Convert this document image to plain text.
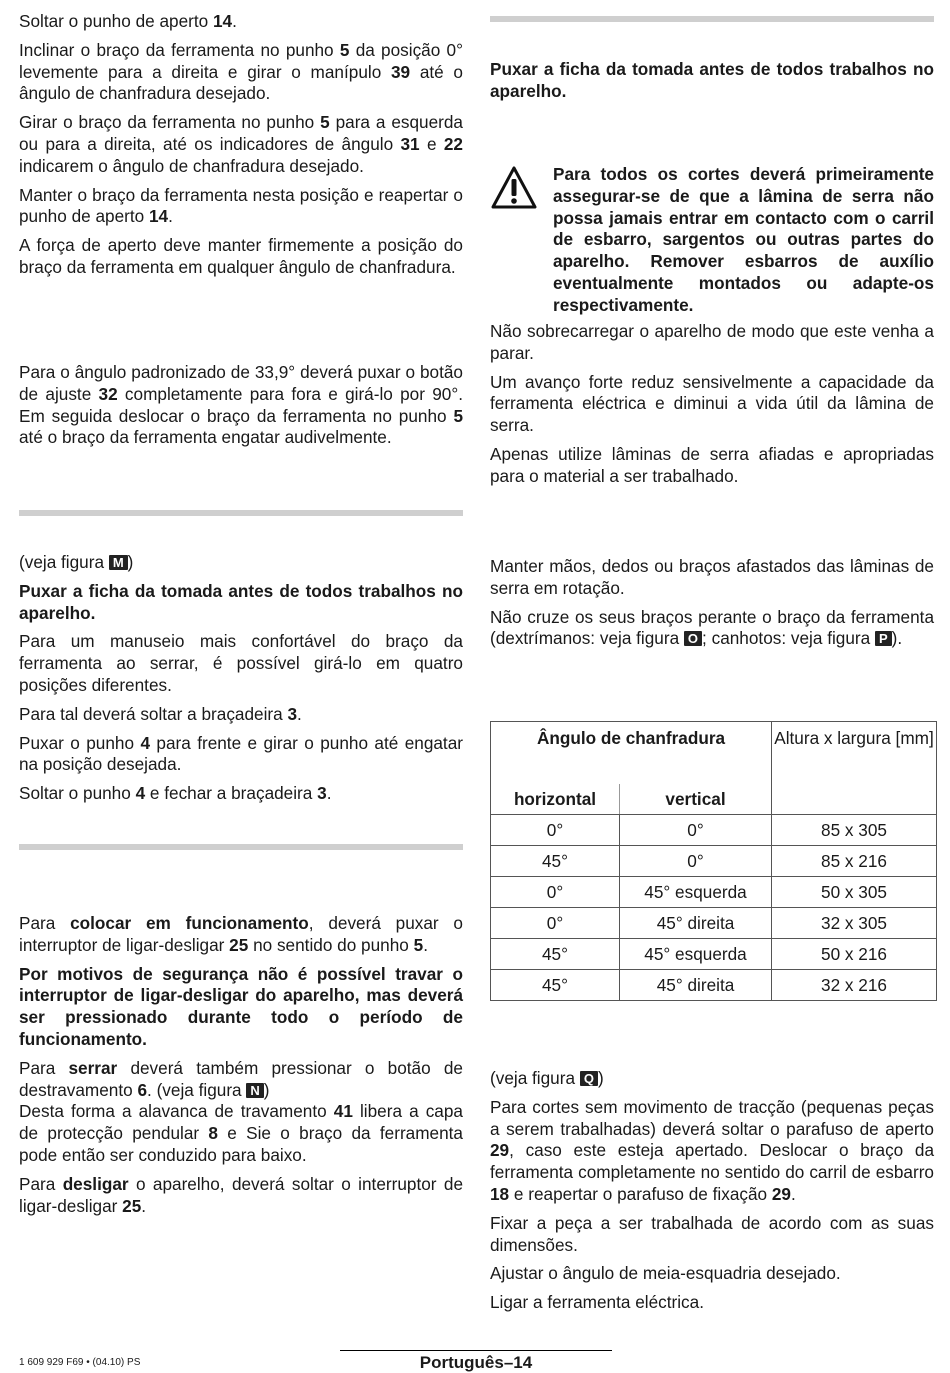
Soltar o punho de aperto 14.

Inclinar o braço da ferramenta no punho 5 da posição 0° levemente para a direita e girar o manípulo 39 até o ângulo de chanfradura desejado.

Girar o braço da ferramenta no punho 5 para a esquerda ou para a direita, até os indicadores de ângulo 31 e 22 indicarem o ângulo de chanfradura desejado.

Manter o braço da ferramenta nesta posição e reapertar o punho de aperto 14.

A força de aperto deve manter firmemente a posição do braço da ferramenta em qualquer ângulo de chanfradura.

Para o ângulo padronizado de 33,9° deverá puxar o botão de ajuste 32 completamente para fora e girá-lo por 90°. Em seguida deslocar o braço da ferramenta no punho 5 até o braço da ferramenta engatar audivelmente.

(veja figura M )

Puxar a ficha da tomada antes de todos trabalhos no aparelho.

Para um manuseio mais confortável do braço da ferramenta ao serrar, é possível girá-lo em quatro posições diferentes.

Para tal deverá soltar a braçadeira 3.

Puxar o punho 4 para frente e girar o punho até engatar na posição desejada.

Soltar o punho 4 e fechar a braçadeira 3.

Para colocar em funcionamento, deverá puxar o interruptor de ligar-desligar 25 no sentido do punho 5.

Por motivos de segurança não é possível travar o interruptor de ligar-desligar do aparelho, mas deverá ser pressionado durante todo o período de funcionamento.

Para serrar deverá também pressionar o botão de destravamento 6. (veja figura N )

Desta forma a alavanca de travamento 41 libera a capa de protecção pendular 8 e Sie o braço da ferramenta pode então ser conduzido para baixo.

Para desligar o aparelho, deverá soltar o interruptor de ligar-desligar 25.

Puxar a ficha da tomada antes de todos trabalhos no aparelho.

Para todos os cortes deverá primeiramente assegurar-se de que a lâmina de serra não possa jamais entrar em contacto com o carril de esbarro, sargentos ou outras partes do aparelho. Remover esbarros de auxílio eventualmente montados ou adapte-os respectivamente.

Não sobrecarregar o aparelho de modo que este venha a parar.

Um avanço forte reduz sensivelmente a capacidade da ferramenta eléctrica e diminui a vida útil da lâmina de serra.

Apenas utilize lâminas de serra afiadas e apropriadas para o material a ser trabalhado.

Manter mãos, dedos ou braços afastados das lâminas de serra em rotação.

Não cruze os seus braços perante o braço da ferramenta (dextrímanos: veja figura O ; canhotos: veja figura P ).

Ângulo de chanfradura		Altura x largura [mm]
horizontal	vertical	
0°	0°	85 x 305
45°	0°	85 x 216
0°	45° esquerda	50 x 305
0°	45° direita	32 x 305
45°	45° esquerda	50 x 216
45°	45° direita	32 x 216

(veja figura Q )

Para cortes sem movimento de tracção (pequenas peças a serem trabalhadas) deverá soltar o parafuso de aperto 29, caso este esteja apertado. Deslocar o braço da ferramenta completamente no sentido do carril de esbarro 18 e reapertar o parafuso de fixação 29.

Fixar a peça a ser trabalhada de acordo com as suas dimensões.

Ajustar o ângulo de meia-esquadria desejado.

Ligar a ferramenta eléctrica.

1 609 929 F69 • (04.10) PS	Português–14
